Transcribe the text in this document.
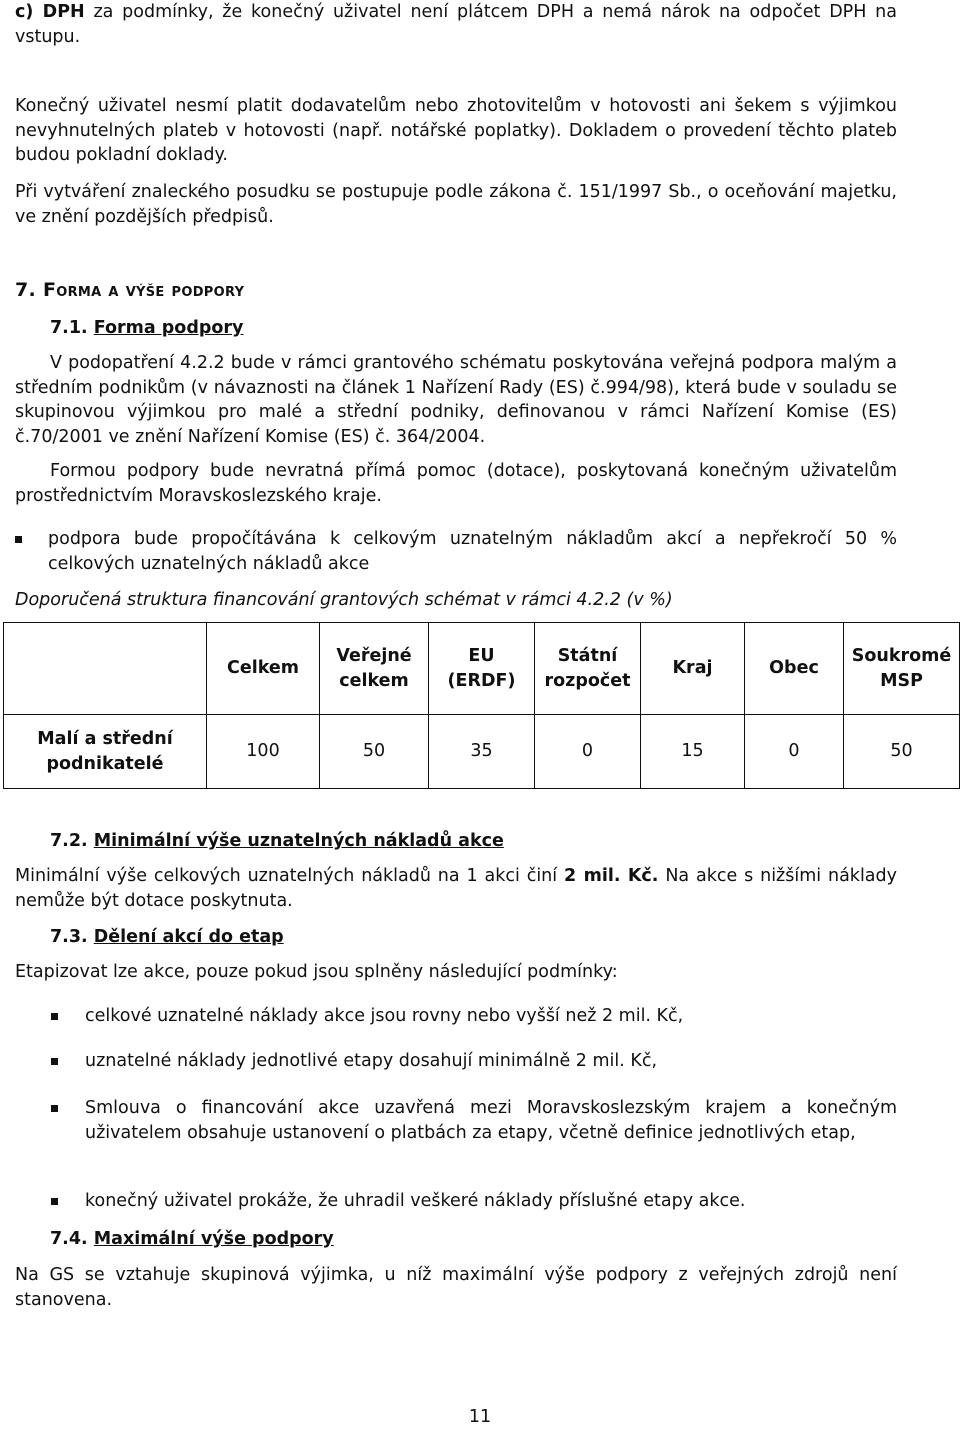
c) DPH za podmínky, že konečný uživatel není plátcem DPH a nemá nárok na odpočet DPH na vstupu.

Konečný uživatel nesmí platit dodavatelům nebo zhotovitelům v hotovosti ani šekem s výjimkou nevyhnutelných plateb v hotovosti (např. notářské poplatky). Dokladem o provedení těchto plateb budou pokladní doklady.

Při vytváření znaleckého posudku se postupuje podle zákona č. 151/1997 Sb., o oceňování majetku, ve znění pozdějších předpisů.

7. Forma a výše podpory
7.1. Forma podpory

V podopatření 4.2.2 bude v rámci grantového schématu poskytována veřejná podpora malým a středním podnikům (v návaznosti na článek 1 Nařízení Rady (ES) č.994/98), která bude v souladu se skupinovou výjimkou pro malé a střední podniky, definovanou v rámci Nařízení Komise (ES) č.70/2001 ve znění Nařízení Komise (ES) č. 364/2004.

Formou podpory bude nevratná přímá pomoc (dotace), poskytovaná konečným uživatelům prostřednictvím Moravskoslezského kraje.

podpora bude propočítávána k celkovým uznatelným nákladům akcí a nepřekročí 50 % celkových uznatelných nákladů akce

Doporučená struktura financování grantových schémat v rámci 4.2.2 (v %)

	Celkem	Veřejné celkem	EU (ERDF)	Státní rozpočet	Kraj	Obec	Soukromé MSP
Malí a střední podnikatelé	100	50	35	0	15	0	50
7.2. Minimální výše uznatelných nákladů akce

Minimální výše celkových uznatelných nákladů na 1 akci činí 2 mil. Kč. Na akce s nižšími náklady nemůže být dotace poskytnuta.

7.3. Dělení akcí do etap

Etapizovat lze akce, pouze pokud jsou splněny následující podmínky:

celkové uznatelné náklady akce jsou rovny nebo vyšší než 2 mil. Kč,
uznatelné náklady jednotlivé etapy dosahují minimálně 2 mil. Kč,
Smlouva o financování akce uzavřená mezi Moravskoslezským krajem a konečným uživatelem obsahuje ustanovení o platbách za etapy, včetně definice jednotlivých etap,
konečný uživatel prokáže, že uhradil veškeré náklady příslušné etapy akce.
7.4. Maximální výše podpory

Na GS se vztahuje skupinová výjimka, u níž maximální výše podpory z veřejných zdrojů není stanovena.

11
